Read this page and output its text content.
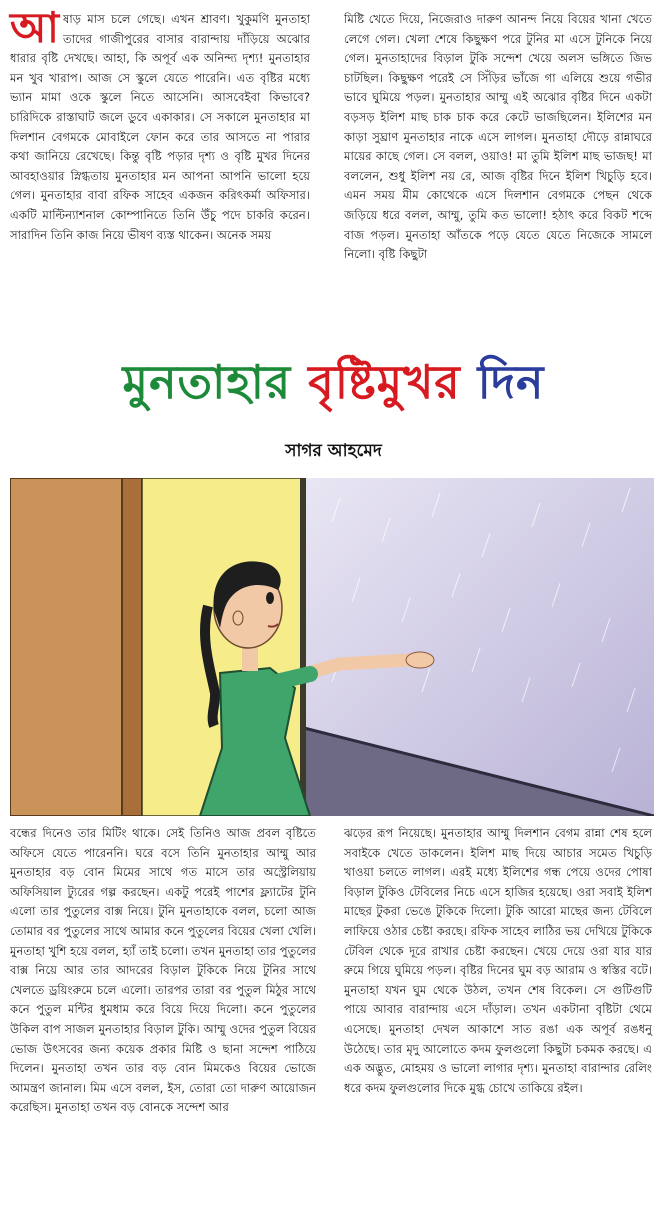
আ ষাড় মাস চলে গেছে। এখন শ্রাবণ। খুকুমণি মুনতাহা তাদের গাজীপুরের বাসার বারান্দায় দাঁড়িয়ে অঝোর ধারার বৃষ্টি দেখছে। আহা, কি অপূর্ব এক অনিন্দ্য দৃশ্য! মুনতাহার মন খুব খারাপ। আজ সে স্কুলে যেতে পারেনি। এত বৃষ্টির মধ্যে ভ্যান মামা ওকে স্কুলে নিতে আসেনি। আসবেইবা কিভাবে? চারিদিকে রাস্তাঘাট জলে ডুবে একাকার। সে সকালে মুনতাহার মা দিলশান বেগমকে মোবাইলে ফোন করে তার আসতে না পারার কথা জানিয়ে রেখেছে। কিন্তু বৃষ্টি পড়ার দৃশ্য ও বৃষ্টি মুখর দিনের আবহাওয়ার স্নিগ্ধতায় মুনতাহার মন আপনা আপনি ভালো হয়ে গেল। মুনতাহার বাবা রফিক সাহেব একজন করিৎকর্মা অফিসার। একটি মাল্টিন্যাশনাল কোম্পানিতে তিনি উঁচু পদে চাকরি করেন। সারাদিন তিনি কাজ নিয়ে ভীষণ ব্যস্ত থাকেন। অনেক সময়

মিষ্টি খেতে দিয়ে, নিজেরাও দারুণ আনন্দ নিয়ে বিয়ের খানা খেতে লেগে গেল। খেলা শেষে কিছুক্ষণ পরে টুনির মা এসে টুনিকে নিয়ে গেল। মুনতাহাদের বিড়াল টুকি সন্দেশ খেয়ে অলস ভঙ্গিতে জিভ চাটছিল। কিছুক্ষণ পরেই সে সিঁড়ির ভাঁজে গা এলিয়ে শুয়ে গভীর ভাবে ঘুমিয়ে পড়ল। মুনতাহার আম্মু এই অঝোর বৃষ্টির দিনে একটা বড়সড় ইলিশ মাছ চাক চাক করে কেটে ভাজছিলেন। ইলিশের মন কাড়া সুঘ্রাণ মুনতাহার নাকে এসে লাগল। মুনতাহা দৌড়ে রান্নাঘরে মায়ের কাছে গেল। সে বলল, ওয়াও! মা তুমি ইলিশ মাছ ভাজছ! মা বললেন, শুধু ইলিশ নয় রে, আজ বৃষ্টির দিনে ইলিশ খিচুড়ি হবে। এমন সময় মীম কোথেকে এসে দিলশান বেগমকে পেছন থেকে জড়িয়ে ধরে বলল, আম্মু, তুমি কত ভালো! হঠাৎ করে বিকট শব্দে বাজ পড়ল। মুনতাহা আঁতকে পড়ে যেতে যেতে নিজেকে সামলে নিলো। বৃষ্টি কিছুটা

মুনতাহার বৃষ্টিমুখর দিন
সাগর আহমেদ

বন্ধের দিনেও তার মিটিং থাকে। সেই তিনিও আজ প্রবল বৃষ্টিতে অফিসে যেতে পারেননি। ঘরে বসে তিনি মুনতাহার আম্মু আর মুনতাহার বড় বোন মিমের সাথে গত মাসে তার অস্ট্রেলিয়ায় অফিসিয়াল ট্যুরের গল্প করছেন। একটু পরেই পাশের ফ্ল্যাটের টুনি এলো তার পুতুলের বাক্স নিয়ে। টুনি মুনতাহাকে বলল, চলো আজ তোমার বর পুতুলের সাথে আমার কনে পুতুলের বিয়ের খেলা খেলি। মুনতাহা খুশি হয়ে বলল, হ্যাঁ তাই চলো। তখন মুনতাহা তার পুতুলের বাক্স নিয়ে আর তার আদরের বিড়াল টুকিকে নিয়ে টুনির সাথে খেলতে ড্রয়িংরুমে চলে এলো। তারপর তারা বর পুতুল মিঠুর সাথে কনে পুতুল মন্টির ধুমধাম করে বিয়ে দিয়ে দিলো। কনে পুতুলের উকিল বাপ সাজল মুনতাহার বিড়াল টুকি। আম্মু ওদের পুতুল বিয়ের ভোজ উৎসবের জন্য কয়েক প্রকার মিষ্টি ও ছানা সন্দেশ পাঠিয়ে দিলেন। মুনতাহা তখন তার বড় বোন মিমকেও বিয়ের ভোজে আমন্ত্রণ জানাল। মিম এসে বলল, ইস, তোরা তো দারুণ আয়োজন করেছিস। মুনতাহা তখন বড় বোনকে সন্দেশ আর

ঝড়ের রূপ নিয়েছে। মুনতাহার আম্মু দিলশান বেগম রান্না শেষ হলে সবাইকে খেতে ডাকলেন। ইলিশ মাছ দিয়ে আচার সমেত খিচুড়ি খাওয়া চলতে লাগল। এরই মধ্যে ইলিশের গন্ধ পেয়ে ওদের পোষা বিড়াল টুকিও টেবিলের নিচে এসে হাজির হয়েছে। ওরা সবাই ইলিশ মাছের টুকরা ভেঙে টুকিকে দিলো। টুকি আরো মাছের জন্য টেবিলে লাফিয়ে ওঠার চেষ্টা করছে। রফিক সাহেব লাঠির ভয় দেখিয়ে টুকিকে টেবিল থেকে দূরে রাখার চেষ্টা করছেন। খেয়ে দেয়ে ওরা যার যার রুমে গিয়ে ঘুমিয়ে পড়ল। বৃষ্টির দিনের ঘুম বড় আরাম ও স্বস্তির বটে। মুনতাহা যখন ঘুম থেকে উঠল, তখন শেষ বিকেল। সে গুটিগুটি পায়ে আবার বারান্দায় এসে দাঁড়াল। তখন একটানা বৃষ্টিটা থেমে এসেছে। মুনতাহা দেখল আকাশে সাত রঙা এক অপূর্ব রঙধনু উঠেছে। তার মৃদু আলোতে কদম ফুলগুলো কিছুটা চকমক করছে। এ এক অদ্ভুত, মোহময় ও ভালো লাগার দৃশ্য। মুনতাহা বারান্দার রেলিং ধরে কদম ফুলগুলোর দিকে মুগ্ধ চোখে তাকিয়ে রইল।
